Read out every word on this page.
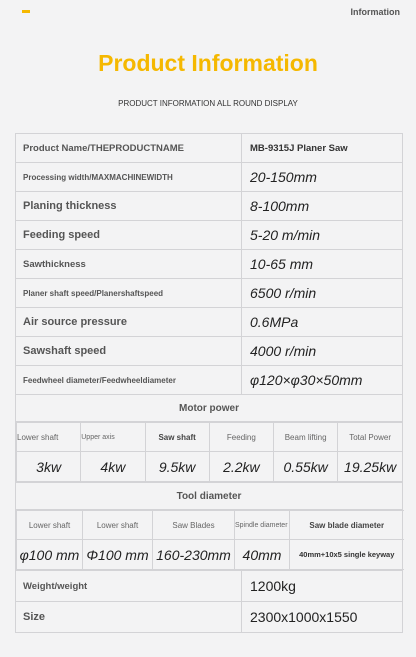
Information
Product Information
PRODUCT INFORMATION ALL ROUND DISPLAY
Product Name/THEPRODUCTNAME	MB-9315J Planer Saw
Processing width/MAXMACHINEWIDTH	20-150mm
Planing thickness	8-100mm
Feeding speed	5-20 m/min
Sawthickness	10-65 mm
Planer shaft speed/Planershaftspeed	6500 r/min
Air source pressure	0.6MPa
Sawshaft speed	4000 r/min
Feedwheel diameter/Feedwheeldiameter	φ120×φ30×50mm
Motor power

Lower shaft	Upper axis	Saw shaft	Feeding	Beam lifting	Total Power
3kw	4kw	9.5kw	2.2kw	0.55kw	19.25kw

Tool diameter

Lower shaft	Lower shaft	Saw Blades	Spindle diameter	Saw blade diameter
φ100 mm	Φ100 mm	160-230mm	40mm	40mm+10x5 single keyway

Weight/weight	1200kg
Size	2300x1000x1550
